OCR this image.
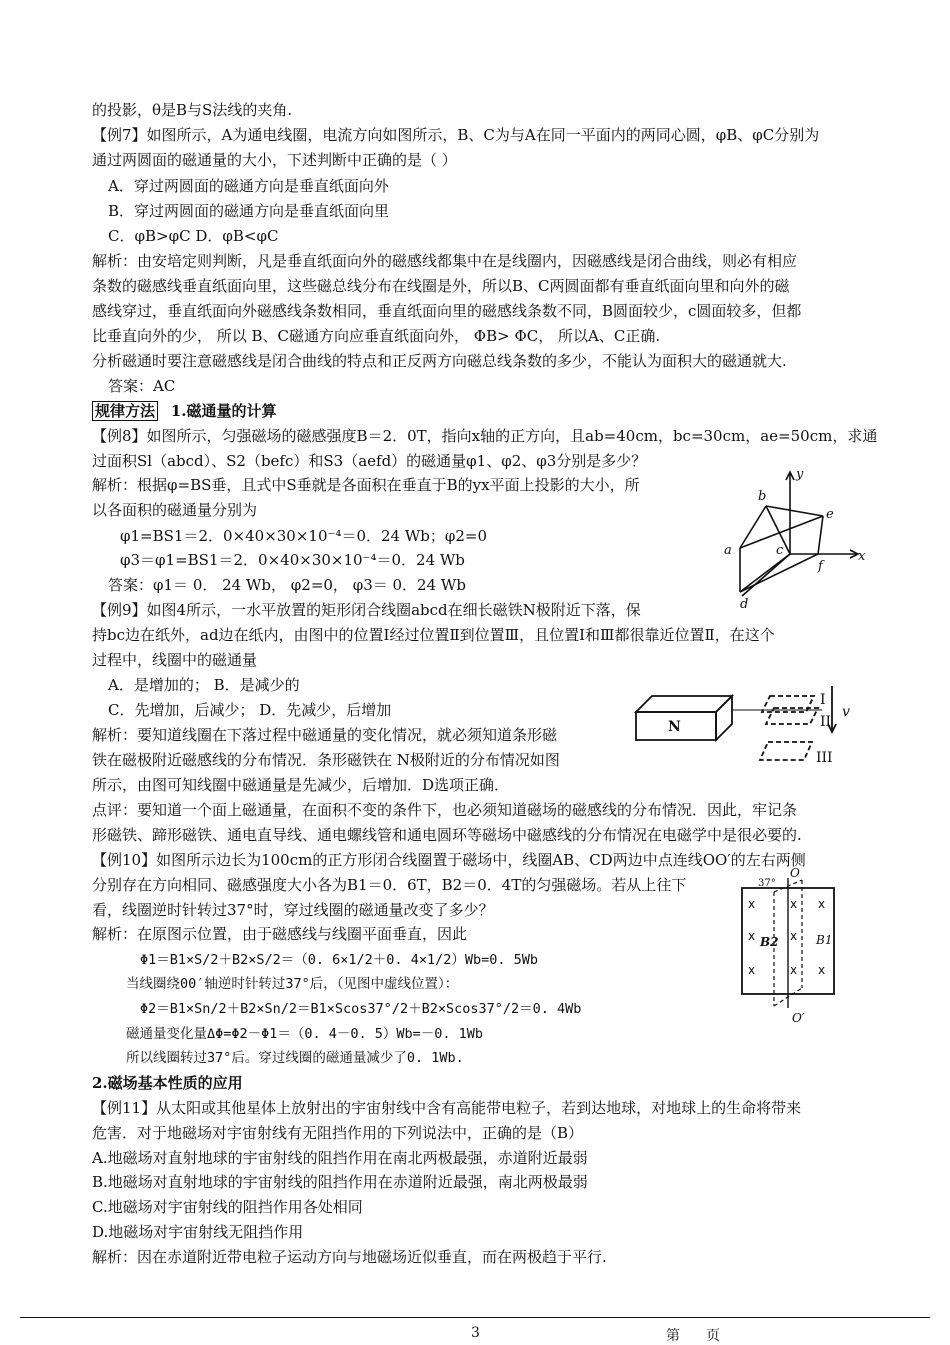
的投影，θ是B与S法线的夹角.
【例7】如图所示，A为通电线圈，电流方向如图所示，B、C为与A在同一平面内的两同心圆，φB、φC分别为
通过两圆面的磁通量的大小，下述判断中正确的是（ ）
A．穿过两圆面的磁通方向是垂直纸面向外
B．穿过两圆面的磁通方向是垂直纸面向里
C．φB>φC D．φB<φC
解析：由安培定则判断，凡是垂直纸面向外的磁感线都集中在是线圈内，因磁感线是闭合曲线，则必有相应
条数的磁感线垂直纸面向里，这些磁总线分布在线圈是外，所以B、C两圆面都有垂直纸面向里和向外的磁
感线穿过，垂直纸面向外磁感线条数相同，垂直纸面向里的磁感线条数不同，B圆面较少，c圆面较多，但都
比垂直向外的少， 所以 B、C磁通方向应垂直纸面向外， ΦB> ΦC， 所以A、C正确.
分析磁通时要注意磁感线是闭合曲线的特点和正反两方向磁总线条数的多少，不能认为面积大的磁通就大.
答案：AC
规律方法 1.磁通量的计算
【例8】如图所示，匀强磁场的磁感强度B＝2．0T，指向x轴的正方向，且ab=40cm，bc=30cm，ae=50cm，求通
过面积Sl（abcd）、S2（befc）和S3（aefd）的磁通量φ1、φ2、φ3分别是多少？
解析：根据φ=BS垂，且式中S垂就是各面积在垂直于B的yx平面上投影的大小，所
以各面积的磁通量分别为
φ1=BS1＝2．0×40×30×10⁻⁴＝0．24 Wb；φ2=0
φ3＝φ1=BS1＝2．0×40×30×10⁻⁴＝0．24 Wb
答案：φ1＝ 0． 24 Wb， φ2=0， φ3＝ 0．24 Wb
【例9】如图4所示，一水平放置的矩形闭合线圈abcd在细长磁铁N极附近下落，保
持bc边在纸外，ad边在纸内，由图中的位置Ⅰ经过位置Ⅱ到位置Ⅲ，且位置Ⅰ和Ⅲ都很靠近位置Ⅱ，在这个
过程中，线圈中的磁通量
A．是增加的； B．是减少的
C．先增加，后减少； D．先减少，后增加
解析：要知道线圈在下落过程中磁通量的变化情况，就必须知道条形磁
铁在磁极附近磁感线的分布情况．条形磁铁在 N极附近的分布情况如图
所示，由图可知线圈中磁通量是先减少，后增加．D选项正确．
点评：要知道一个面上磁通量，在面积不变的条件下，也必须知道磁场的磁感线的分布情况．因此，牢记条
形磁铁、蹄形磁铁、通电直导线、通电螺线管和通电圆环等磁场中磁感线的分布情况在电磁学中是很必要的.
【例10】如图所示边长为100cm的正方形闭合线圈置于磁场中，线圈AB、CD两边中点连线OO′的左右两侧
分别存在方向相同、磁感强度大小各为B1＝0．6T，B2＝0．4T的匀强磁场。若从上往下
看，线圈逆时针转过37°时，穿过线圈的磁通量改变了多少？
解析：在原图示位置，由于磁感线与线圈平面垂直，因此
Φ1＝B1×S/2＋B2×S/2＝（0. 6×1/2＋0. 4×1/2）Wb=0. 5Wb
当线圈绕00′轴逆时针转过37°后，（见图中虚线位置）：
Φ2＝B1×Sn/2＋B2×Sn/2＝B1×Scos37°/2＋B2×Scos37°/2＝0. 4Wb
磁通量变化量ΔΦ=Φ2－Φ1＝（0. 4－0. 5）Wb=－0. 1Wb
所以线圈转过37°后。穿过线圈的磁通量减少了0. 1Wb.
2.磁场基本性质的应用
【例11】从太阳或其他星体上放射出的宇宙射线中含有高能带电粒子，若到达地球，对地球上的生命将带来
危害．对于地磁场对宇宙射线有无阻挡作用的下列说法中，正确的是（B）
A.地磁场对直射地球的宇宙射线的阻挡作用在南北两极最强，赤道附近最弱
B.地磁场对直射地球的宇宙射线的阻挡作用在赤道附近最强，南北两极最弱
C.地磁场对宇宙射线的阻挡作用各处相同
D.地磁场对宇宙射线无阻挡作用
解析：因在赤道附近带电粒子运动方向与地磁场近似垂直，而在两极趋于平行.
y
b
e
a	c
f
x
d
N
I
II
III
v
x	x x
x	x
x	x x
O
37°
B2	B1
O′
3	第 页
